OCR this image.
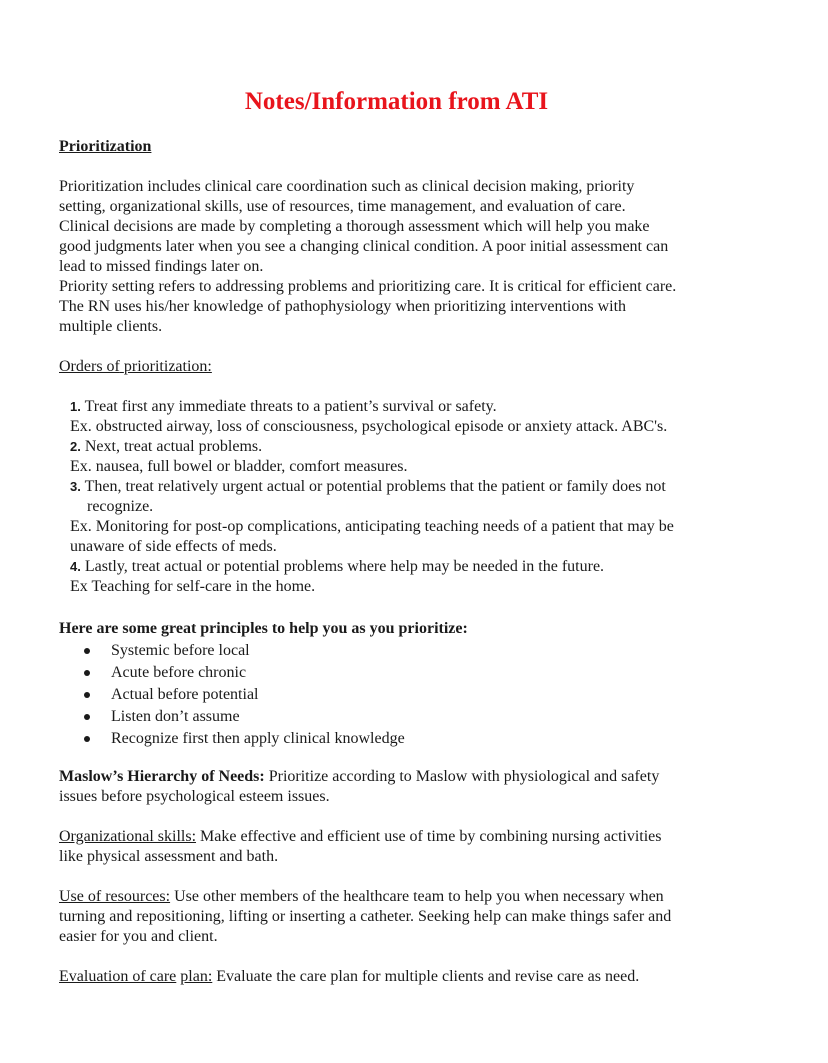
Notes/Information from ATI
Prioritization
Prioritization includes clinical care coordination such as clinical decision making, priority
setting, organizational skills, use of resources, time management, and evaluation of care.
Clinical decisions are made by completing a thorough assessment which will help you make
good judgments later when you see a changing clinical condition. A poor initial assessment can
lead to missed findings later on.
Priority setting refers to addressing problems and prioritizing care. It is critical for efficient care.
The RN uses his/her knowledge of pathophysiology when prioritizing interventions with
multiple clients.
Orders of prioritization:
1. Treat first any immediate threats to a patient’s survival or safety.
Ex. obstructed airway, loss of consciousness, psychological episode or anxiety attack. ABC's.
2. Next, treat actual problems.
Ex. nausea, full bowel or bladder, comfort measures.
3. Then, treat relatively urgent actual or potential problems that the patient or family does not
recognize.
Ex. Monitoring for post-op complications, anticipating teaching needs of a patient that may be
unaware of side effects of meds.
4. Lastly, treat actual or potential problems where help may be needed in the future.
Ex Teaching for self-care in the home.
Here are some great principles to help you as you prioritize:
Systemic before local
Acute before chronic
Actual before potential
Listen don’t assume
Recognize first then apply clinical knowledge
Maslow’s Hierarchy of Needs: Prioritize according to Maslow with physiological and safety
issues before psychological esteem issues.
Organizational skills: Make effective and efficient use of time by combining nursing activities
like physical assessment and bath.
Use of resources: Use other members of the healthcare team to help you when necessary when
turning and repositioning, lifting or inserting a catheter. Seeking help can make things safer and
easier for you and client.
Evaluation of care plan: Evaluate the care plan for multiple clients and revise care as need.
